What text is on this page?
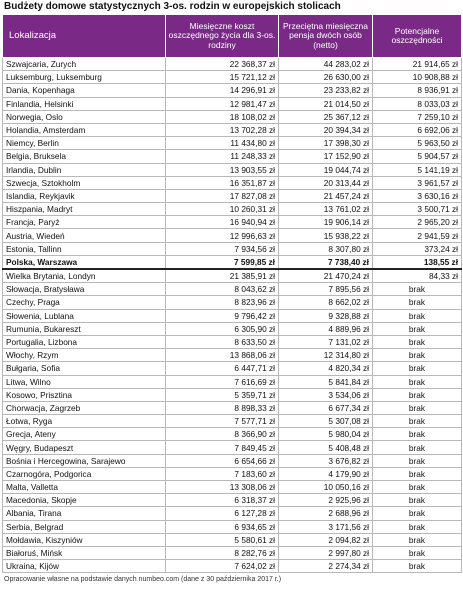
Budżety domowe statystycznych 3-os. rodzin w europejskich stolicach
Lokalizacja	Miesięczne koszt oszczędnego życia dla 3-os. rodziny	Przeciętna miesięczna pensja dwóch osób (netto)	Potencjalne oszczędności
Szwajcaria, Zurych	22 368,37 zł	44 283,02 zł	21 914,65 zł
Luksemburg, Luksemburg	15 721,12 zł	26 630,00 zł	10 908,88 zł
Dania, Kopenhaga	14 296,91 zł	23 233,82 zł	8 936,91 zł
Finlandia, Helsinki	12 981,47 zł	21 014,50 zł	8 033,03 zł
Norwegia, Oslo	18 108,02 zł	25 367,12 zł	7 259,10 zł
Holandia, Amsterdam	13 702,28 zł	20 394,34 zł	6 692,06 zł
Niemcy, Berlin	11 434,80 zł	17 398,30 zł	5 963,50 zł
Belgia, Bruksela	11 248,33 zł	17 152,90 zł	5 904,57 zł
Irlandia, Dublin	13 903,55 zł	19 044,74 zł	5 141,19 zł
Szwecja, Sztokholm	16 351,87 zł	20 313,44 zł	3 961,57 zł
Islandia, Reykjavik	17 827,08 zł	21 457,24 zł	3 630,16 zł
Hiszpania, Madryt	10 260,31 zł	13 761,02 zł	3 500,71 zł
Francja, Paryż	16 940,94 zł	19 906,14 zł	2 965,20 zł
Austria, Wiedeń	12 996,63 zł	15 938,22 zł	2 941,59 zł
Estonia, Tallinn	7 934,56 zł	8 307,80 zł	373,24 zł
Polska, Warszawa	7 599,85 zł	7 738,40 zł	138,55 zł
Wielka Brytania, Londyn	21 385,91 zł	21 470,24 zł	84,33 zł
Słowacja, Bratysława	8 043,62 zł	7 895,56 zł	brak
Czechy, Praga	8 823,96 zł	8 662,02 zł	brak
Słowenia, Lublana	9 796,42 zł	9 328,88 zł	brak
Rumunia, Bukareszt	6 305,90 zł	4 889,96 zł	brak
Portugalia, Lizbona	8 633,50 zł	7 131,02 zł	brak
Włochy, Rzym	13 868,06 zł	12 314,80 zł	brak
Bułgaria, Sofia	6 447,71 zł	4 820,34 zł	brak
Litwa, Wilno	7 616,69 zł	5 841,84 zł	brak
Kosowo, Prisztina	5 359,71 zł	3 534,06 zł	brak
Chorwacja, Zagrzeb	8 898,33 zł	6 677,34 zł	brak
Łotwa, Ryga	7 577,71 zł	5 307,08 zł	brak
Grecja, Ateny	8 366,90 zł	5 980,04 zł	brak
Węgry, Budapeszt	7 849,45 zł	5 408,48 zł	brak
Bośnia i Hercegowina, Sarajewo	6 654,66 zł	3 676,82 zł	brak
Czarnogóra, Podgorica	7 183,60 zł	4 179,90 zł	brak
Malta, Valletta	13 308,06 zł	10 050,16 zł	brak
Macedonia, Skopje	6 318,37 zł	2 925,96 zł	brak
Albania, Tirana	6 127,28 zł	2 688,96 zł	brak
Serbia, Belgrad	6 934,65 zł	3 171,56 zł	brak
Mołdawia, Kiszyniów	5 580,61 zł	2 094,82 zł	brak
Białoruś, Mińsk	8 282,76 zł	2 997,80 zł	brak
Ukraina, Kijów	7 624,02 zł	2 274,34 zł	brak
Opracowanie własne na podstawie danych numbeo.com (dane z 30 października 2017 r.)
